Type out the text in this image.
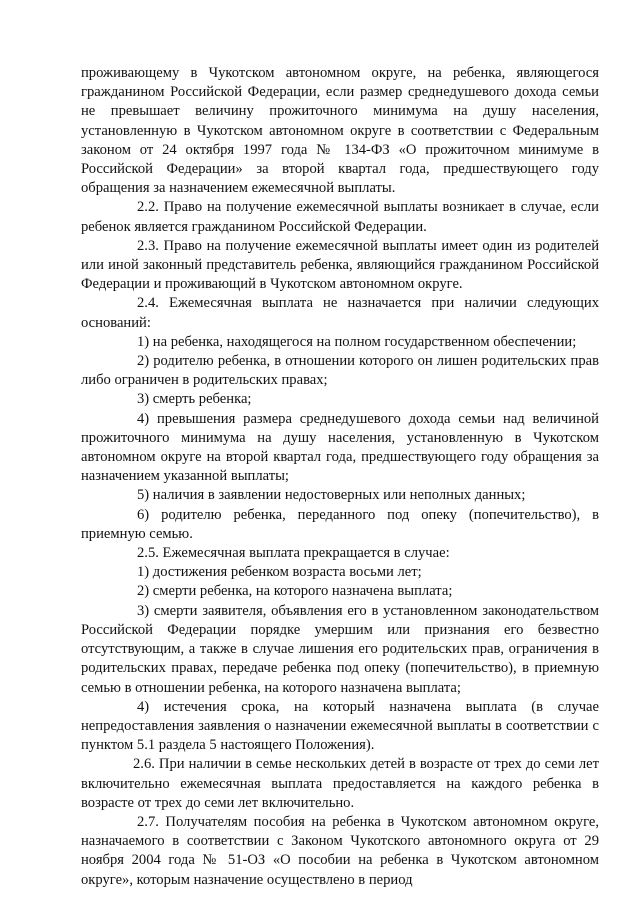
проживающему в Чукотском автономном округе, на ребенка, являющегося гражданином Российской Федерации, если размер среднедушевого дохода семьи не превышает величину прожиточного минимума на душу населения, установленную в Чукотском автономном округе в соответствии с Федеральным законом от 24 октября 1997 года № 134-ФЗ «О прожиточном минимуме в Российской Федерации» за второй квартал года, предшествующего году обращения за назначением ежемесячной выплаты.

2.2. Право на получение ежемесячной выплаты возникает в случае, если ребенок является гражданином Российской Федерации.

2.3. Право на получение ежемесячной выплаты имеет один из родителей или иной законный представитель ребенка, являющийся гражданином Российской Федерации и проживающий в Чукотском автономном округе.

2.4. Ежемесячная выплата не назначается при наличии следующих оснований:

1) на ребенка, находящегося на полном государственном обеспечении;

2) родителю ребенка, в отношении которого он лишен родительских прав либо ограничен в родительских правах;

3) смерть ребенка;

4) превышения размера среднедушевого дохода семьи над величиной прожиточного минимума на душу населения, установленную в Чукотском автономном округе на второй квартал года, предшествующего году обращения за назначением указанной выплаты;

5) наличия в заявлении недостоверных или неполных данных;

6) родителю ребенка, переданного под опеку (попечительство), в приемную семью.

2.5. Ежемесячная выплата прекращается в случае:

1) достижения ребенком возраста восьми лет;

2) смерти ребенка, на которого назначена выплата;

3) смерти заявителя, объявления его в установленном законодательством Российской Федерации порядке умершим или признания его безвестно отсутствующим, а также в случае лишения его родительских прав, ограничения в родительских правах, передаче ребенка под опеку (попечительство), в приемную семью в отношении ребенка, на которого назначена выплата;

4) истечения срока, на который назначена выплата (в случае непредоставления заявления о назначении ежемесячной выплаты в соответствии с пунктом 5.1 раздела 5 настоящего Положения).

2.6. При наличии в семье нескольких детей в возрасте от трех до семи лет включительно ежемесячная выплата предоставляется на каждого ребенка в возрасте от трех до семи лет включительно.

2.7. Получателям пособия на ребенка в Чукотском автономном округе, назначаемого в соответствии с Законом Чукотского автономного округа от 29 ноября 2004 года № 51-ОЗ «О пособии на ребенка в Чукотском автономном округе», которым назначение осуществлено в период
